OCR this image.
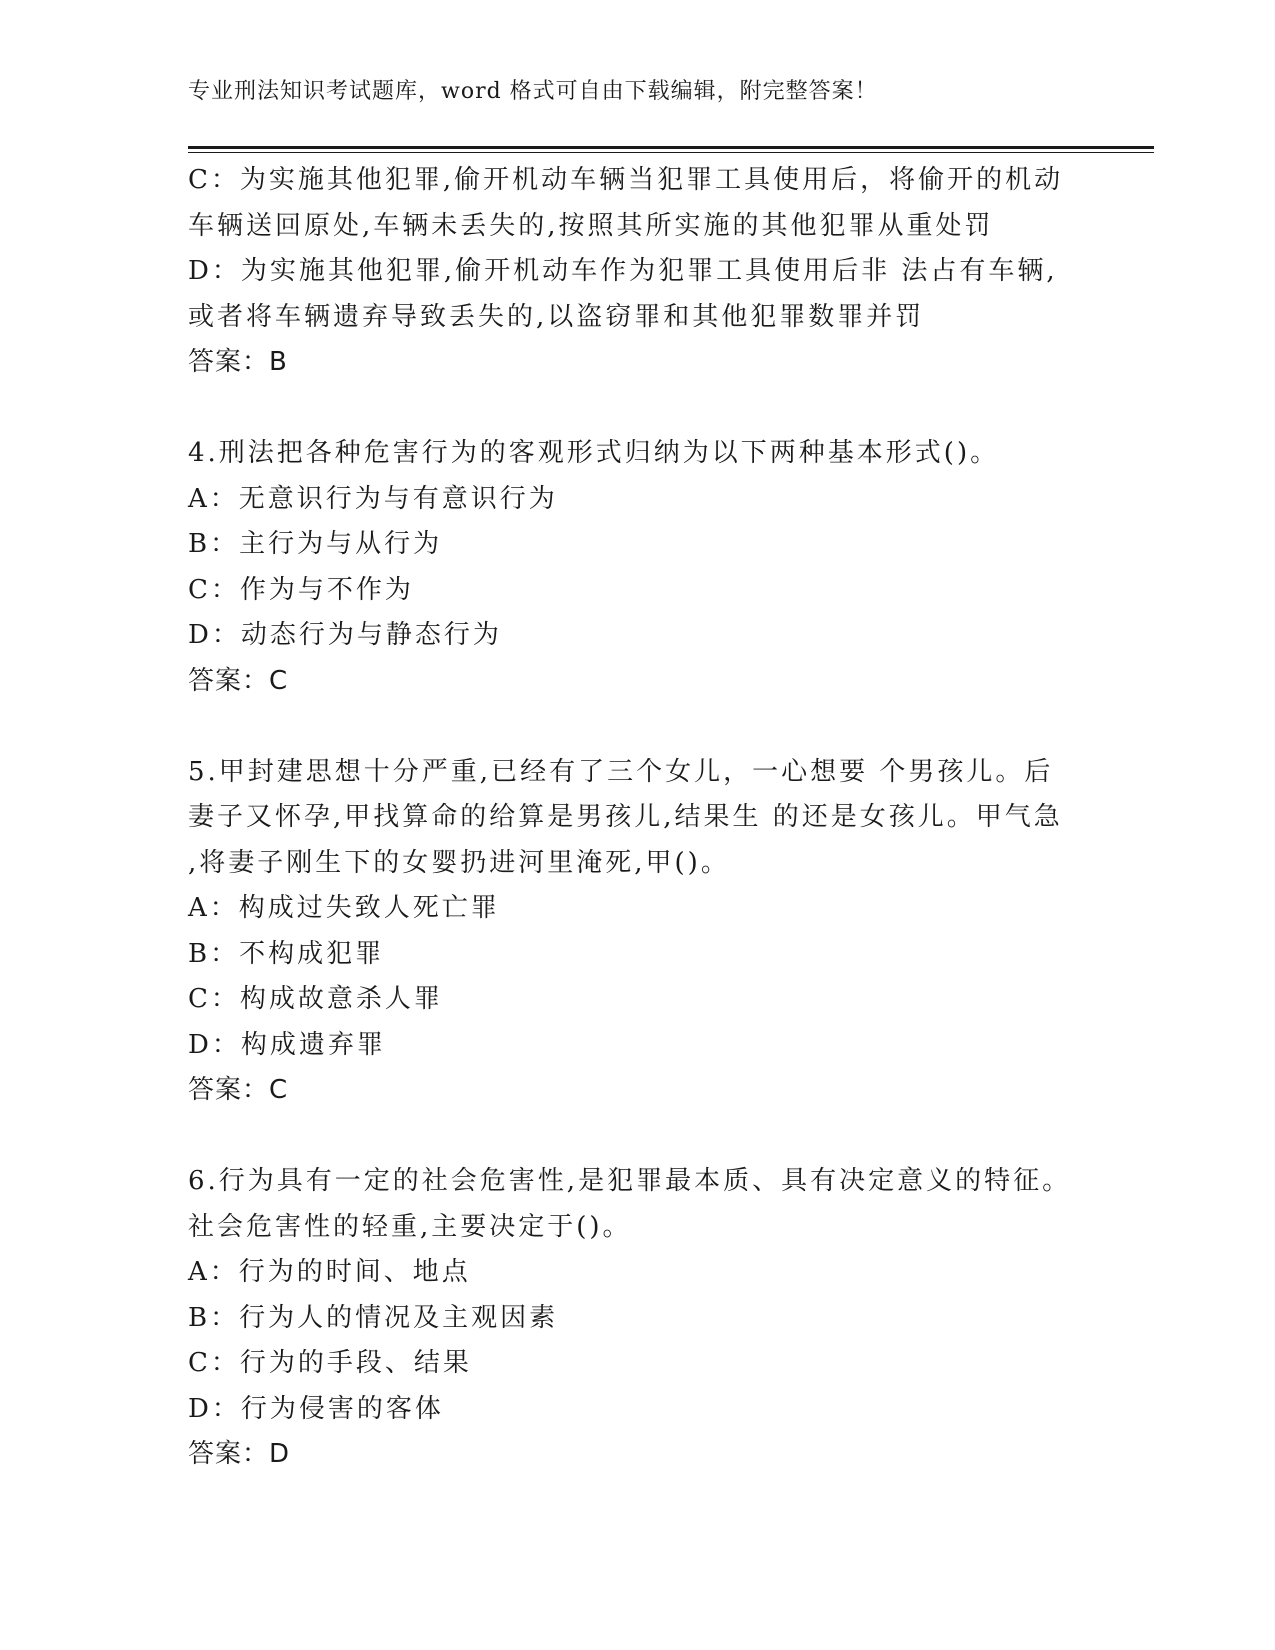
专业刑法知识考试题库，word 格式可自由下载编辑，附完整答案！
C：为实施其他犯罪,偷开机动车辆当犯罪工具使用后，将偷开的机动
车辆送回原处,车辆未丢失的,按照其所实施的其他犯罪从重处罚
D：为实施其他犯罪,偷开机动车作为犯罪工具使用后非 法占有车辆,
或者将车辆遗弃导致丢失的,以盗窃罪和其他犯罪数罪并罚
答案：B
4.刑法把各种危害行为的客观形式归纳为以下两种基本形式()。
A：无意识行为与有意识行为
B：主行为与从行为
C：作为与不作为
D：动态行为与静态行为
答案：C
5.甲封建思想十分严重,已经有了三个女儿，一心想要 个男孩儿。后
妻子又怀孕,甲找算命的给算是男孩儿,结果生 的还是女孩儿。甲气急
,将妻子刚生下的女婴扔进河里淹死,甲()。
A：构成过失致人死亡罪
B：不构成犯罪
C：构成故意杀人罪
D：构成遗弃罪
答案：C
6.行为具有一定的社会危害性,是犯罪最本质、具有决定意义的特征。
社会危害性的轻重,主要决定于()。
A：行为的时间、地点
B：行为人的情况及主观因素
C：行为的手段、结果
D：行为侵害的客体
答案：D
